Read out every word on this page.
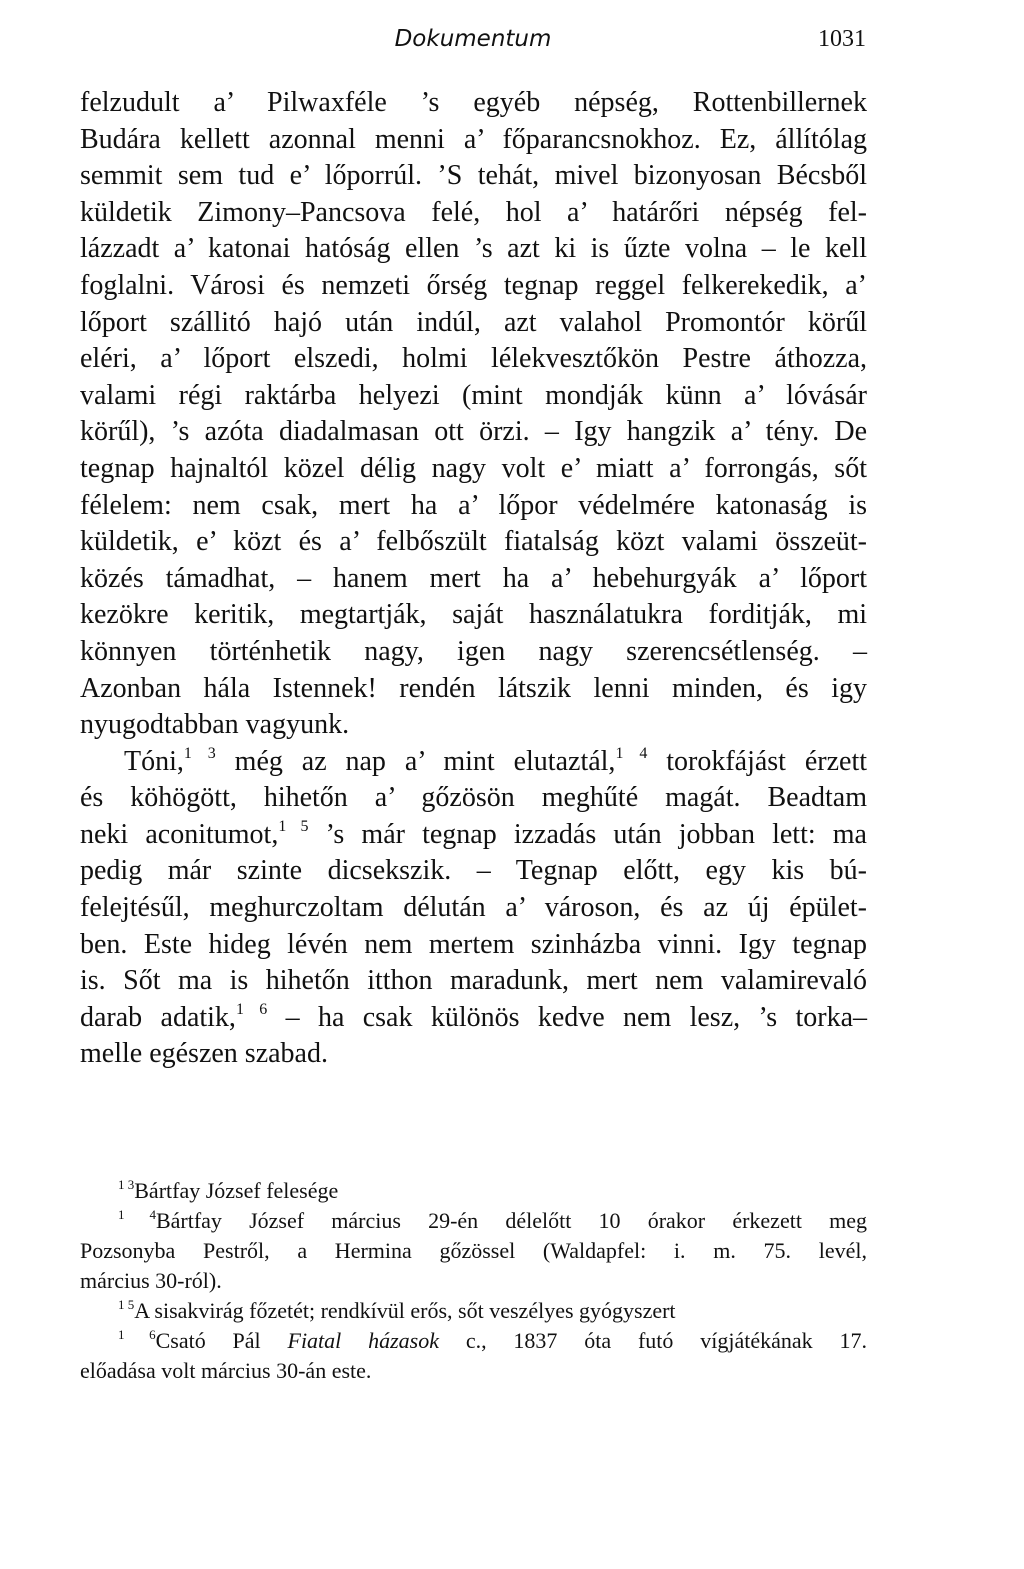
Dokumentum	1031
felzudult a’ Pilwaxféle ’s egyéb népség, Rottenbillernek
Budára kellett azonnal menni a’ főparancsnokhoz. Ez, állítólag
semmit sem tud e’ lőporrúl. ’S tehát, mivel bizonyosan Bécsből
küldetik Zimony–Pancsova felé, hol a’ határőri népség fel-
lázzadt a’ katonai hatóság ellen ’s azt ki is űzte volna – le kell
foglalni. Városi és nemzeti őrség tegnap reggel felkerekedik, a’
lőport szállitó hajó után indúl, azt valahol Promontór körűl
eléri, a’ lőport elszedi, holmi lélekvesztőkön Pestre áthozza,
valami régi raktárba helyezi (mint mondják künn a’ lóvásár
körűl), ’s azóta diadalmasan ott örzi. – Igy hangzik a’ tény. De
tegnap hajnaltól közel délig nagy volt e’ miatt a’ forrongás, sőt
félelem: nem csak, mert ha a’ lőpor védelmére katonaság is
küldetik, e’ közt és a’ felbőszült fiatalság közt valami összeüt-
közés támadhat, – hanem mert ha a’ hebehurgyák a’ lőport
kezökre keritik, megtartják, saját használatukra forditják, mi
könnyen történhetik nagy, igen nagy szerencsétlenség. –
Azonban hála Istennek! rendén látszik lenni minden, és igy
nyugodtabban vagyunk.
Tóni,$^{1 3}$ még az nap a’ mint elutaztál,$^{1 4}$ torokfájást érzett
és köhögött, hihetőn a’ gőzösön meghűté magát. Beadtam
neki aconitumot,$^{1 5}$ ’s már tegnap izzadás után jobban lett: ma
pedig már szinte dicsekszik. – Tegnap előtt, egy kis bú-
felejtésűl, meghurczoltam délután a’ városon, és az új épület-
ben. Este hideg lévén nem mertem szinházba vinni. Igy tegnap
is. Sőt ma is hihetőn itthon maradunk, mert nem valamirevaló
darab adatik,$^{1 6}$ – ha csak különös kedve nem lesz, ’s torka–
melle egészen szabad.
$^{1 3}$Bártfay József felesége
$^{1 4}$Bártfay József március 29-én délelőtt 10 órakor érkezett meg
Pozsonyba Pestről, a Hermina gőzössel (Waldapfel: i. m. 75. levél,
március 30-ról).
$^{1 5}$A sisakvirág főzetét; rendkívül erős, sőt veszélyes gyógyszert
$^{1 6}$Csató Pál Fiatal házasok c., 1837 óta futó vígjátékának 17.
előadása volt március 30-án este.
